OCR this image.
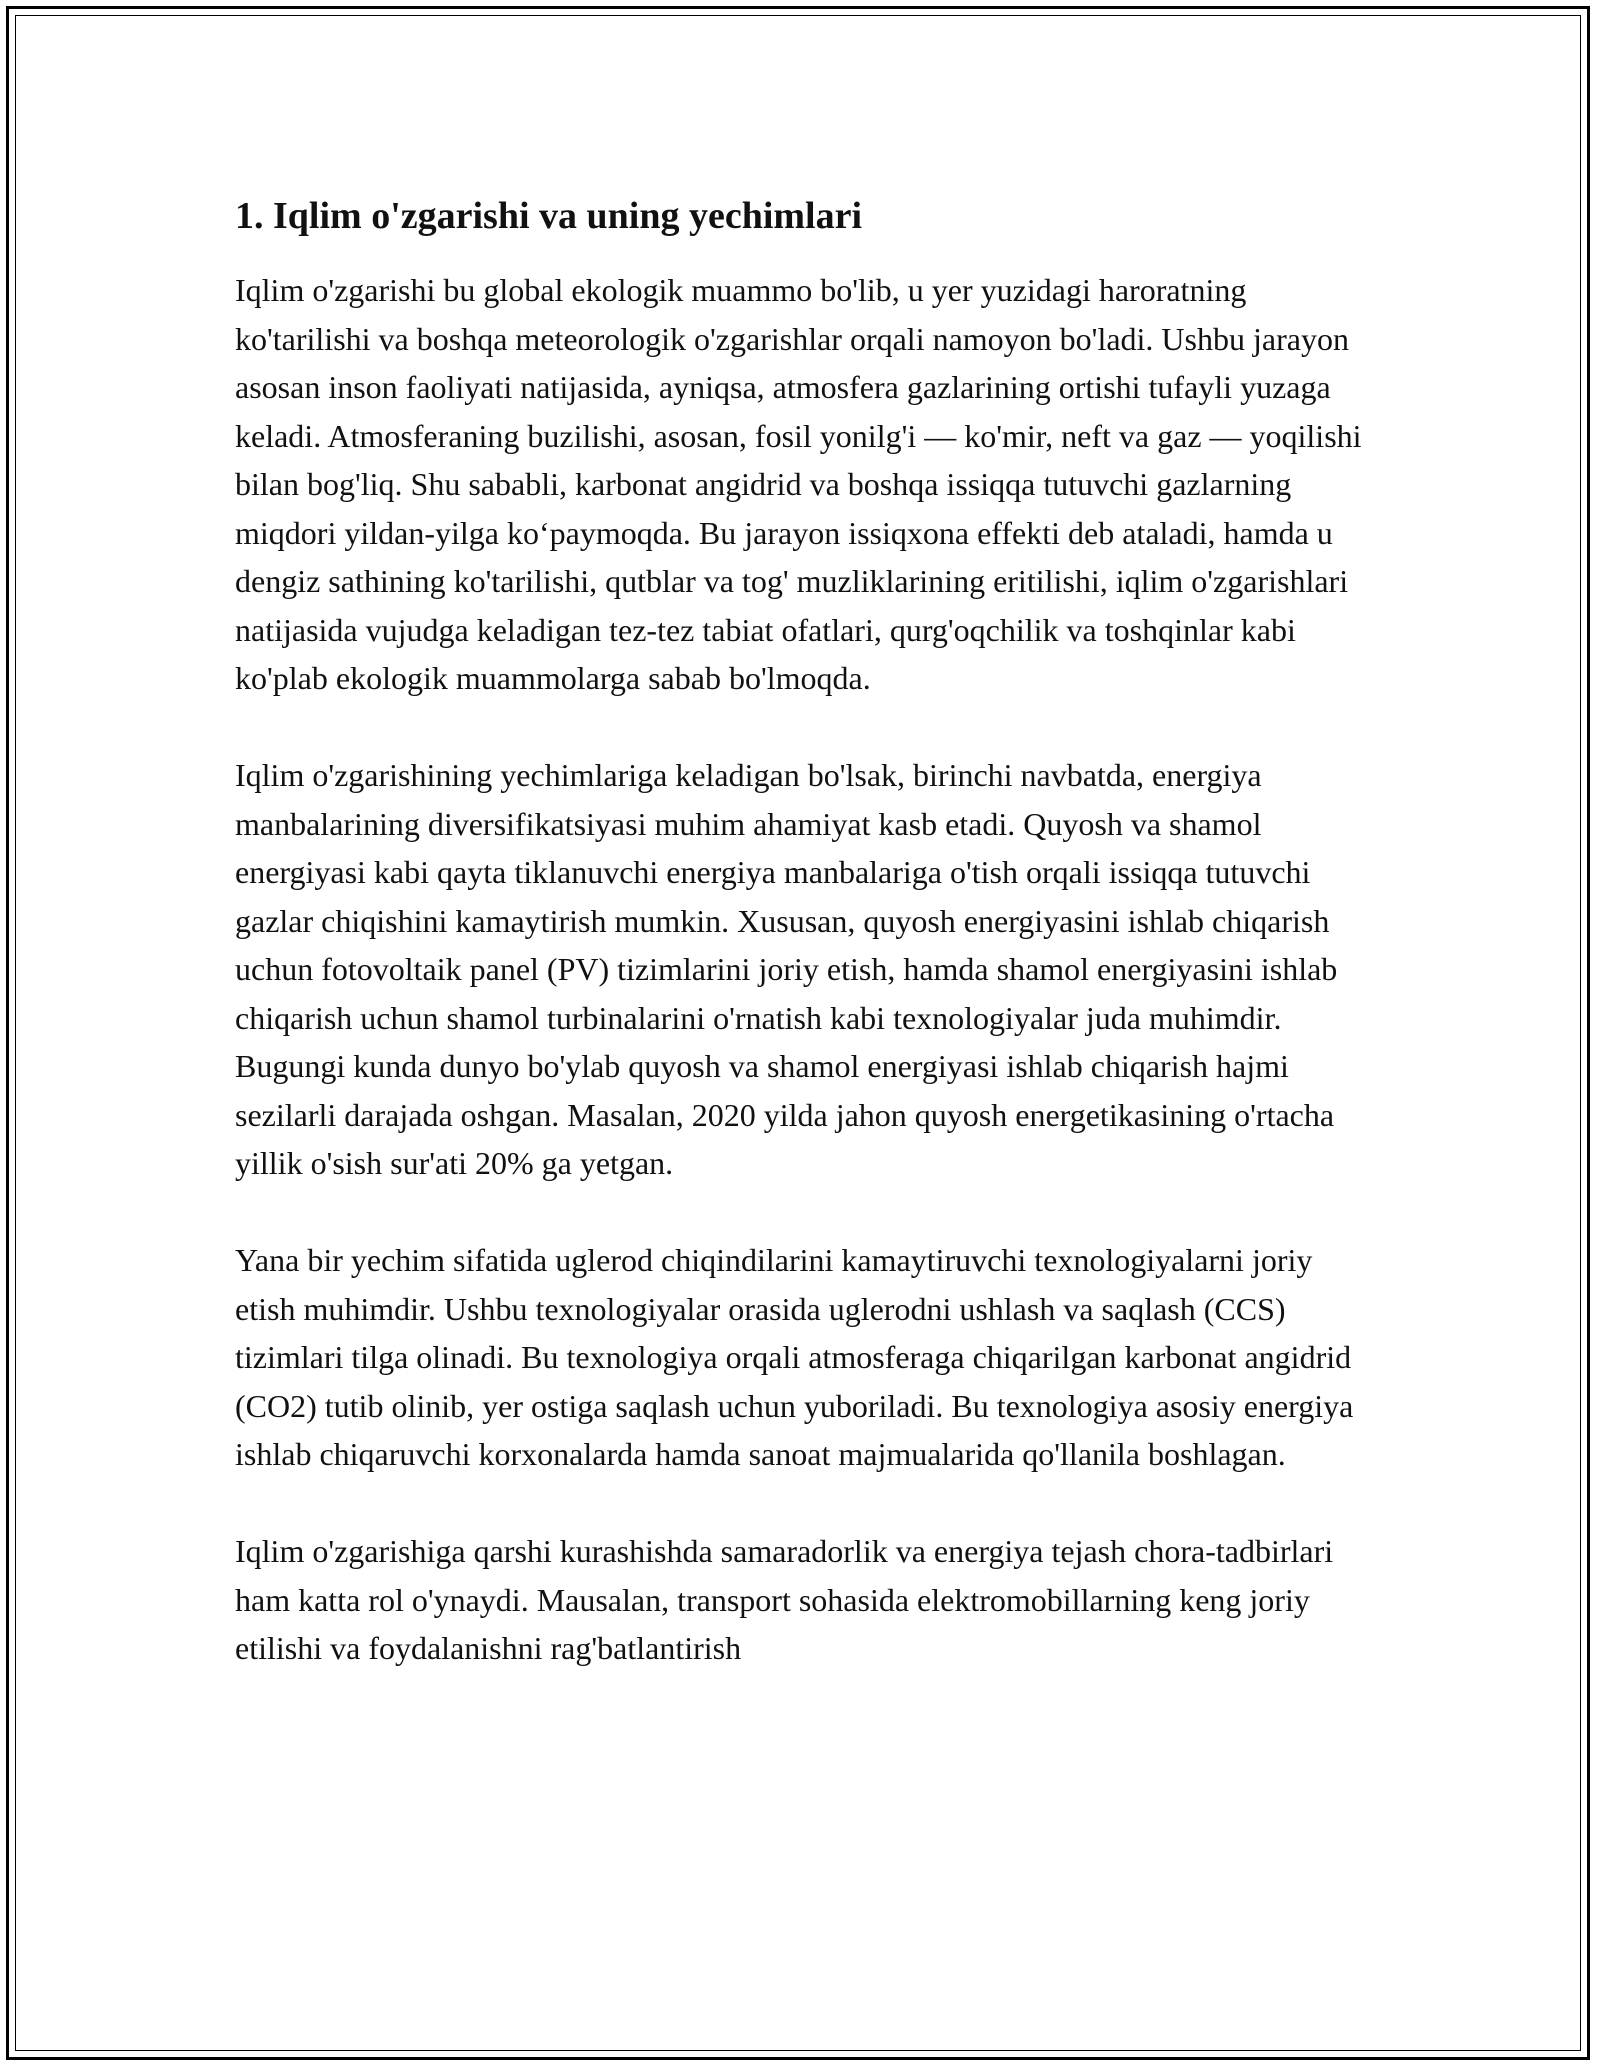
1. Iqlim o'zgarishi va uning yechimlari

Iqlim o'zgarishi bu global ekologik muammo bo'lib, u yer yuzidagi haroratning ko'tarilishi va boshqa meteorologik o'zgarishlar orqali namoyon bo'ladi. Ushbu jarayon asosan inson faoliyati natijasida, ayniqsa, atmosfera gazlarining ortishi tufayli yuzaga keladi. Atmosferaning buzilishi, asosan, fosil yonilg'i — ko'mir, neft va gaz — yoqilishi bilan bog'liq. Shu sababli, karbonat angidrid va boshqa issiqqa tutuvchi gazlarning miqdori yildan-yilga ko‘paymoqda. Bu jarayon issiqxona effekti deb ataladi, hamda u dengiz sathining ko'tarilishi, qutblar va tog' muzliklarining eritilishi, iqlim o'zgarishlari natijasida vujudga keladigan tez-tez tabiat ofatlari, qurg'oqchilik va toshqinlar kabi ko'plab ekologik muammolarga sabab bo'lmoqda.

Iqlim o'zgarishining yechimlariga keladigan bo'lsak, birinchi navbatda, energiya manbalarining diversifikatsiyasi muhim ahamiyat kasb etadi. Quyosh va shamol energiyasi kabi qayta tiklanuvchi energiya manbalariga o'tish orqali issiqqa tutuvchi gazlar chiqishini kamaytirish mumkin. Xususan, quyosh energiyasini ishlab chiqarish uchun fotovoltaik panel (PV) tizimlarini joriy etish, hamda shamol energiyasini ishlab chiqarish uchun shamol turbinalarini o'rnatish kabi texnologiyalar juda muhimdir. Bugungi kunda dunyo bo'ylab quyosh va shamol energiyasi ishlab chiqarish hajmi sezilarli darajada oshgan. Masalan, 2020 yilda jahon quyosh energetikasining o'rtacha yillik o'sish sur'ati 20% ga yetgan.

Yana bir yechim sifatida uglerod chiqindilarini kamaytiruvchi texnologiyalarni joriy etish muhimdir. Ushbu texnologiyalar orasida uglerodni ushlash va saqlash (CCS) tizimlari tilga olinadi. Bu texnologiya orqali atmosferaga chiqarilgan karbonat angidrid (CO2) tutib olinib, yer ostiga saqlash uchun yuboriladi. Bu texnologiya asosiy energiya ishlab chiqaruvchi korxonalarda hamda sanoat majmualarida qo'llanila boshlagan.

Iqlim o'zgarishiga qarshi kurashishda samaradorlik va energiya tejash chora-tadbirlari ham katta rol o'ynaydi. Mausalan, transport sohasida elektromobillarning keng joriy etilishi va foydalanishni rag'batlantirish
